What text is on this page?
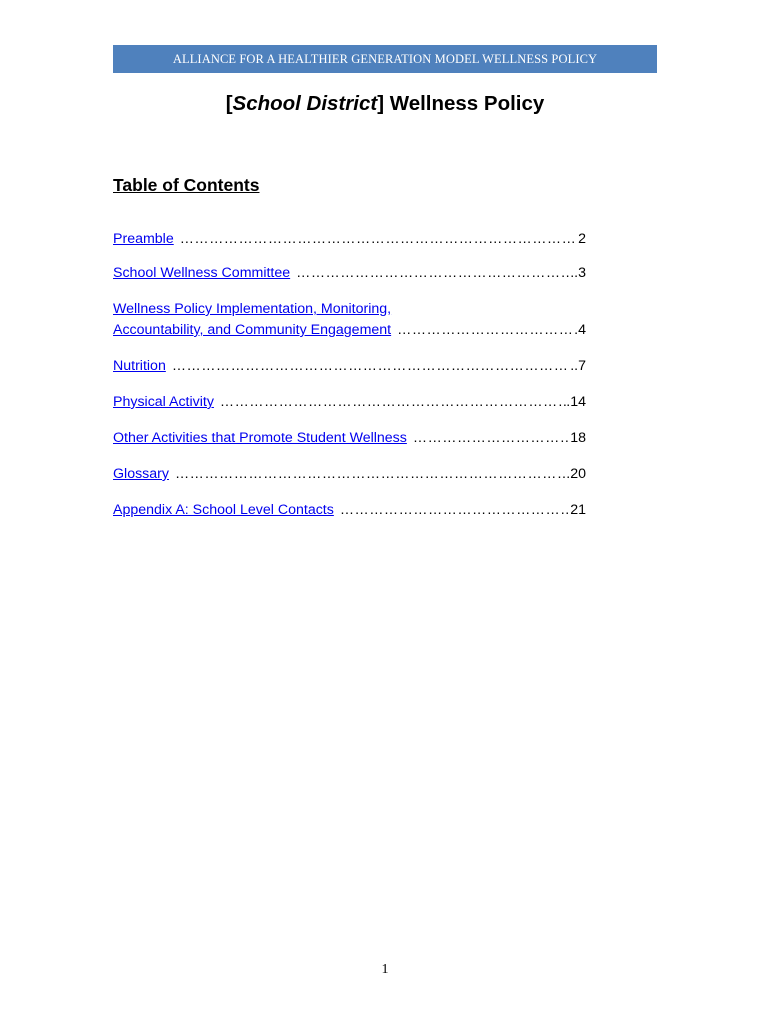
ALLIANCE FOR A HEALTHIER GENERATION MODEL WELLNESS POLICY
[School District] Wellness Policy
Table of Contents
Preamble …………………………………………………………………………………………………………………………………………………………	2
School Wellness Committee …………………………………………………………………………………………………………………………………………………………	..3
Wellness Policy Implementation, Monitoring,
Accountability, and Community Engagement …………………………………………………………………………………………………………………………………………………………	.4
Nutrition …………………………………………………………………………………………………………………………………………………………	..7
Physical Activity …………………………………………………………………………………………………………………………………………………………	.14
Other Activities that Promote Student Wellness …………………………………………………………………………………………………………………………………………………………	18
Glossary …………………………………………………………………………………………………………………………………………………………	.20
Appendix A: School Level Contacts …………………………………………………………………………………………………………………………………………………………	21
1
